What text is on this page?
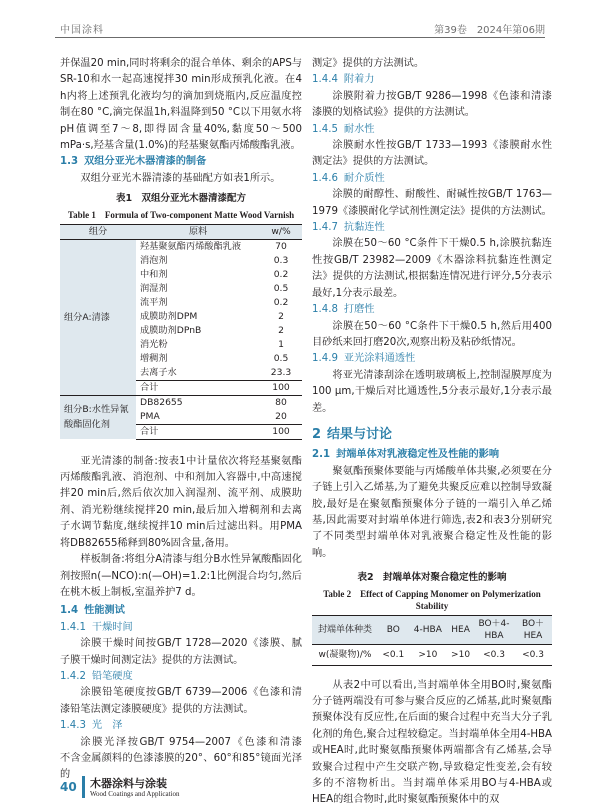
中国涂料	第39卷　2024年第06期

并保温20 min,同时将剩余的混合单体、剩余的APS与SR-10和水一起高速搅拌30 min形成预乳化液。在4 h内将上述预乳化液均匀的滴加到烧瓶内,反应温度控制在80 °C,滴完保温1h,料温降到50 °C以下用氨水将pH值调至7～8,即得固含量40%,黏度50～500 mPa·s,羟基含量(1.0%)的羟基聚氨酯丙烯酸酯乳液。

1.3 双组分亚光木器清漆的制备

双组分亚光木器清漆的基础配方如表1所示。

表1　双组分亚光木器清漆配方
Table 1　Formula of Two-component Matte Wood Varnish
组分	原料	w/%
组分A:清漆	羟基聚氨酯丙烯酸酯乳液	70
	消泡剂	0.3
	中和剂	0.2
	润湿剂	0.5
	流平剂	0.2
	成膜助剂DPM	2
	成膜助剂DPnB	2
	消光粉	1
	增稠剂	0.5
	去离子水	23.3
	合计	100
组分B:水性异氰酸酯固化剂	DB82655	80
	PMA	20
	合计	100

亚光清漆的制备:按表1中计量依次将羟基聚氨酯丙烯酸酯乳液、消泡剂、中和剂加入容器中,中高速搅拌20 min后,然后依次加入润湿剂、流平剂、成膜助剂、消光粉继续搅拌20 min,最后加入增稠剂和去离子水调节黏度,继续搅拌10 min后过滤出料。用PMA将DB82655稀释到80%固含量,备用。

样板制备:将组分A清漆与组分B水性异氰酸酯固化剂按照n(—NCO):n(—OH)=1.2:1比例混合均匀,然后在桃木板上制板,室温养护7 d。

1.4 性能测试
1.4.1 干燥时间

涂膜干燥时间按GB/T 1728—2020《漆膜、腻子膜干燥时间测定法》提供的方法测试。

1.4.2 铅笔硬度

涂膜铅笔硬度按GB/T 6739—2006《色漆和清漆铅笔法测定漆膜硬度》提供的方法测试。

1.4.3 光　泽

涂膜光泽按GB/T 9754—2007《色漆和清漆　不含金属颜料的色漆漆膜的20°、60°和85°镜面光泽的

测定》提供的方法测试。

1.4.4 附着力

涂膜附着力按GB/T 9286—1998《色漆和清漆　漆膜的划格试验》提供的方法测试。

1.4.5 耐水性

涂膜耐水性按GB/T 1733—1993《漆膜耐水性测定法》提供的方法测试。

1.4.6 耐介质性

涂膜的耐醇性、耐酸性、耐碱性按GB/T 1763—1979《漆膜耐化学试剂性测定法》提供的方法测试。

1.4.7 抗黏连性

涂膜在50～60 °C条件下干燥0.5 h,涂膜抗黏连性按GB/T 23982—2009《木器涂料抗黏连性测定法》提供的方法测试,根据黏连情况进行评分,5分表示最好,1分表示最差。

1.4.8 打磨性

涂膜在50～60 °C条件下干燥0.5 h,然后用400目砂纸来回打磨20次,观察出粉及粘砂纸情况。

1.4.9 亚光涂料通透性

将亚光清漆刮涂在透明玻璃板上,控制湿膜厚度为100 μm,干燥后对比通透性,5分表示最好,1分表示最差。

2 结果与讨论
2.1 封端单体对乳液稳定性及性能的影响

聚氨酯预聚体要能与丙烯酸单体共聚,必须要在分子链上引入乙烯基,为了避免共聚反应难以控制导致凝胶,最好是在聚氨酯预聚体分子链的一端引入单乙烯基,因此需要对封端单体进行筛选,表2和表3分别研究了不同类型封端单体对乳液聚合稳定性及性能的影响。

表2　封端单体对聚合稳定性的影响
Table 2　Effect of Capping Monomer on Polymerization Stability
封端单体种类	BO	4-HBA	HEA	BO＋4-HBA	BO＋HEA
w(凝聚物)/%	<0.1	>10	>10	<0.3	<0.3

从表2中可以看出,当封端单体全用BO时,聚氨酯分子链两端没有可参与聚合反应的乙烯基,此时聚氨酯预聚体没有反应性,在后面的聚合过程中充当大分子乳化剂的角色,聚合过程较稳定。当封端单体全用4-HBA或HEA时,此时聚氨酯预聚体两端都含有乙烯基,会导致聚合过程中产生交联产物,导致稳定性变差,会有较多的不溶物析出。当封端单体采用BO与4-HBA或HEA的组合物时,此时聚氨酯预聚体中的双

40 木器涂料与涂装
Wood Coatings and Application
